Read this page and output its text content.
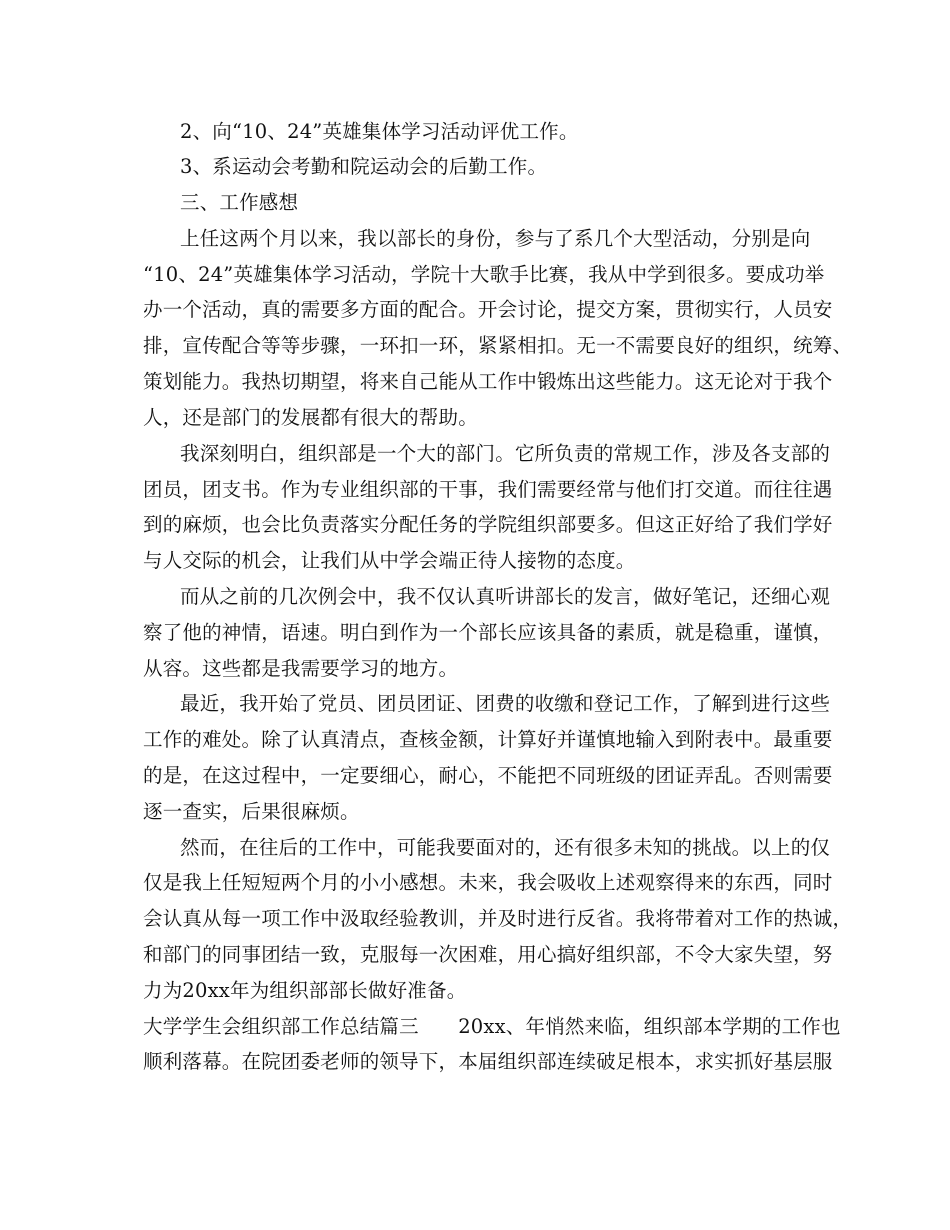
2、向“10、24”英雄集体学习活动评优工作。
3、系运动会考勤和院运动会的后勤工作。
三、工作感想
上任这两个月以来，我以部长的身份，参与了系几个大型活动，分别是向
“10、24”英雄集体学习活动，学院十大歌手比赛，我从中学到很多。要成功举
办一个活动，真的需要多方面的配合。开会讨论，提交方案，贯彻实行，人员安
排，宣传配合等等步骤，一环扣一环，紧紧相扣。无一不需要良好的组织，统筹、
策划能力。我热切期望，将来自己能从工作中锻炼出这些能力。这无论对于我个
人，还是部门的发展都有很大的帮助。
我深刻明白，组织部是一个大的部门。它所负责的常规工作，涉及各支部的
团员，团支书。作为专业组织部的干事，我们需要经常与他们打交道。而往往遇
到的麻烦，也会比负责落实分配任务的学院组织部要多。但这正好给了我们学好
与人交际的机会，让我们从中学会端正待人接物的态度。
而从之前的几次例会中，我不仅认真听讲部长的发言，做好笔记，还细心观
察了他的神情，语速。明白到作为一个部长应该具备的素质，就是稳重，谨慎，
从容。这些都是我需要学习的地方。
最近，我开始了党员、团员团证、团费的收缴和登记工作，了解到进行这些
工作的难处。除了认真清点，查核金额，计算好并谨慎地输入到附表中。最重要
的是，在这过程中，一定要细心，耐心，不能把不同班级的团证弄乱。否则需要
逐一查实，后果很麻烦。
然而，在往后的工作中，可能我要面对的，还有很多未知的挑战。以上的仅
仅是我上任短短两个月的小小感想。未来，我会吸收上述观察得来的东西，同时
会认真从每一项工作中汲取经验教训，并及时进行反省。我将带着对工作的热诚，
和部门的同事团结一致，克服每一次困难，用心搞好组织部，不令大家失望，努
力为20xx年为组织部部长做好准备。
大学学生会组织部工作总结篇三　　20xx、年悄然来临，组织部本学期的工作也
顺利落幕。在院团委老师的领导下，本届组织部连续破足根本，求实抓好基层服
